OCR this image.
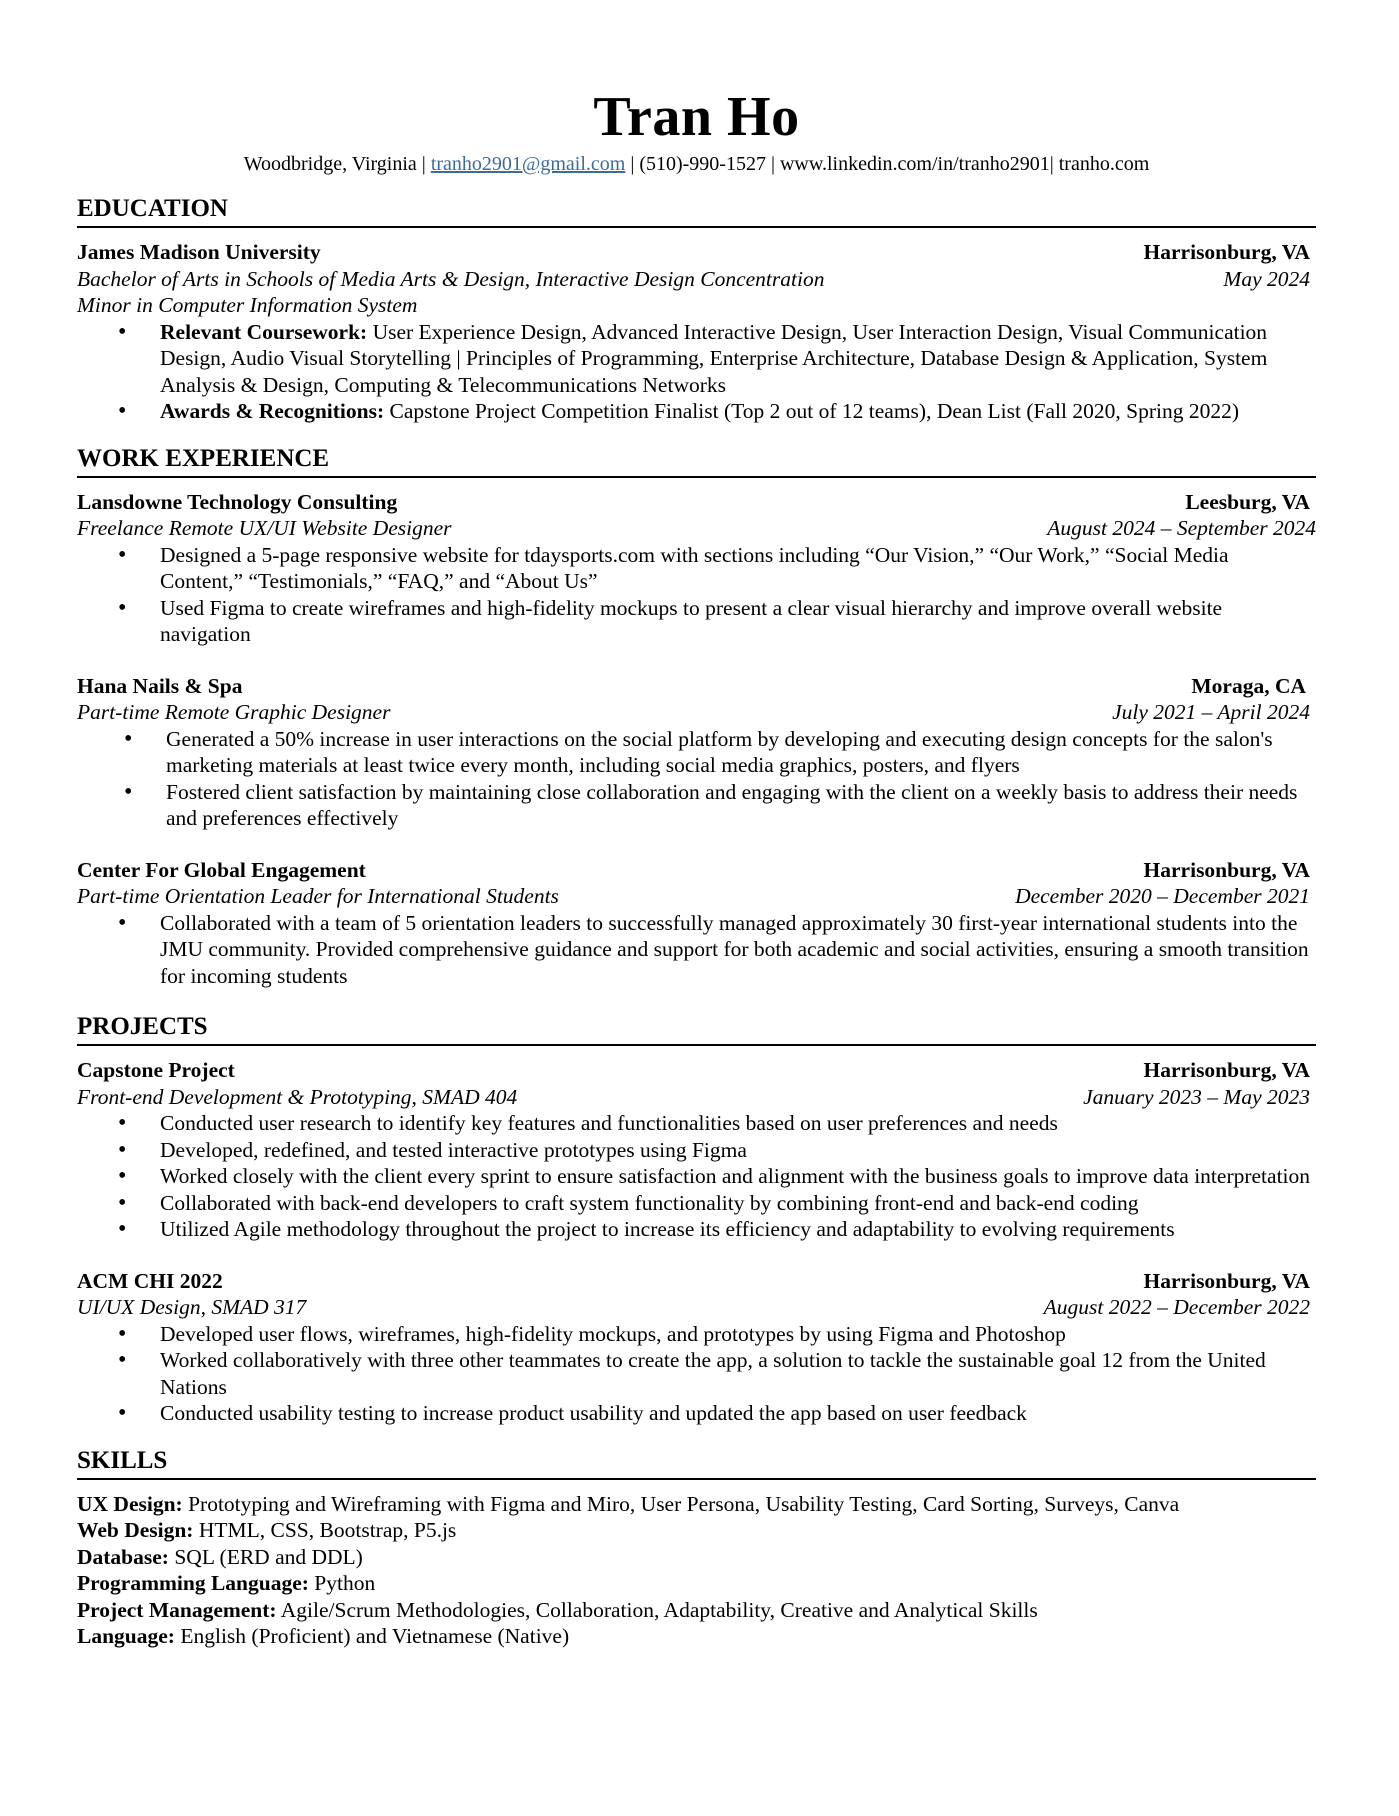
Tran Ho
Woodbridge, Virginia | tranho2901@gmail.com | (510)-990-1527 | www.linkedin.com/in/tranho2901| tranho.com
EDUCATION
James Madison University	Harrisonburg, VA
Bachelor of Arts in Schools of Media Arts & Design, Interactive Design Concentration	May 2024
Minor in Computer Information System
• Relevant Coursework: User Experience Design, Advanced Interactive Design, User Interaction Design, Visual Communication Design, Audio Visual Storytelling | Principles of Programming, Enterprise Architecture, Database Design & Application, System Analysis & Design, Computing & Telecommunications Networks
• Awards & Recognitions: Capstone Project Competition Finalist (Top 2 out of 12 teams), Dean List (Fall 2020, Spring 2022)
WORK EXPERIENCE
Lansdowne Technology Consulting	Leesburg, VA
Freelance Remote UX/UI Website Designer	August 2024 – September 2024
• Designed a 5-page responsive website for tdaysports.com with sections including “Our Vision,” “Our Work,” “Social Media Content,” “Testimonials,” “FAQ,” and “About Us”
• Used Figma to create wireframes and high-fidelity mockups to present a clear visual hierarchy and improve overall website navigation
Hana Nails & Spa	Moraga, CA
Part-time Remote Graphic Designer	July 2021 – April 2024
• Generated a 50% increase in user interactions on the social platform by developing and executing design concepts for the salon's marketing materials at least twice every month, including social media graphics, posters, and flyers
• Fostered client satisfaction by maintaining close collaboration and engaging with the client on a weekly basis to address their needs and preferences effectively
Center For Global Engagement	Harrisonburg, VA
Part-time Orientation Leader for International Students	December 2020 – December 2021
• Collaborated with a team of 5 orientation leaders to successfully managed approximately 30 first-year international students into the JMU community. Provided comprehensive guidance and support for both academic and social activities, ensuring a smooth transition for incoming students
PROJECTS
Capstone Project	Harrisonburg, VA
Front-end Development & Prototyping, SMAD 404	January 2023 – May 2023
• Conducted user research to identify key features and functionalities based on user preferences and needs
• Developed, redefined, and tested interactive prototypes using Figma
• Worked closely with the client every sprint to ensure satisfaction and alignment with the business goals to improve data interpretation
• Collaborated with back-end developers to craft system functionality by combining front-end and back-end coding
• Utilized Agile methodology throughout the project to increase its efficiency and adaptability to evolving requirements
ACM CHI 2022	Harrisonburg, VA
UI/UX Design, SMAD 317	August 2022 – December 2022
• Developed user flows, wireframes, high-fidelity mockups, and prototypes by using Figma and Photoshop
• Worked collaboratively with three other teammates to create the app, a solution to tackle the sustainable goal 12 from the United Nations
• Conducted usability testing to increase product usability and updated the app based on user feedback
SKILLS
UX Design: Prototyping and Wireframing with Figma and Miro, User Persona, Usability Testing, Card Sorting, Surveys, Canva
Web Design: HTML, CSS, Bootstrap, P5.js
Database: SQL (ERD and DDL)
Programming Language: Python
Project Management: Agile/Scrum Methodologies, Collaboration, Adaptability, Creative and Analytical Skills
Language: English (Proficient) and Vietnamese (Native)
